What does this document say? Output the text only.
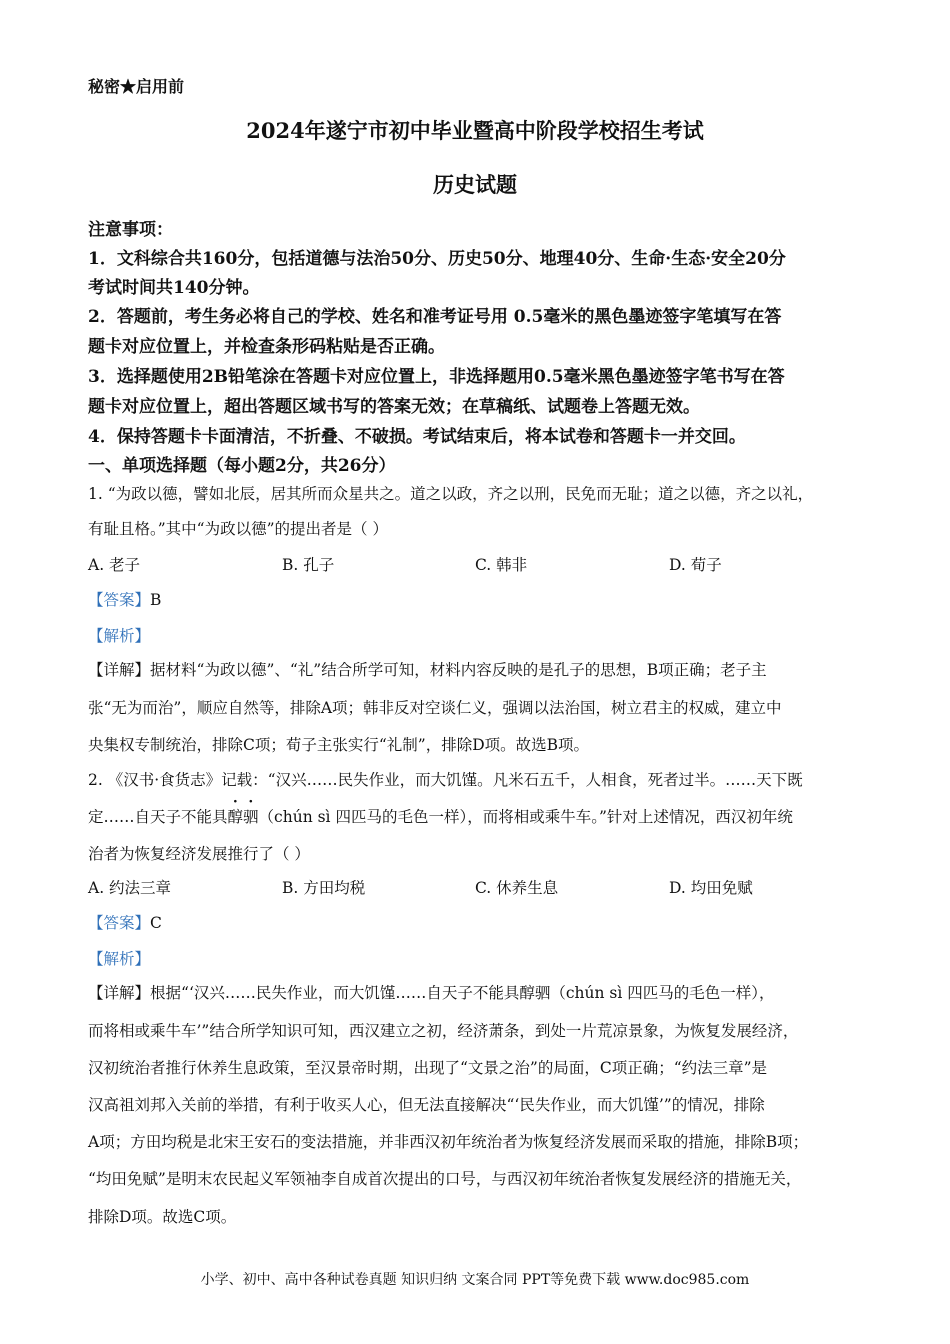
秘密★启用前
2024年遂宁市初中毕业暨高中阶段学校招生考试
历史试题
注意事项：
1．文科综合共160分，包括道德与法治50分、历史50分、地理40分、生命·生态·安全20分
考试时间共140分钟。
2．答题前，考生务必将自己的学校、姓名和准考证号用 0.5毫米的黑色墨迹签字笔填写在答
题卡对应位置上，并检查条形码粘贴是否正确。
3．选择题使用2B铅笔涂在答题卡对应位置上，非选择题用0.5毫米黑色墨迹签字笔书写在答
题卡对应位置上，超出答题区域书写的答案无效；在草稿纸、试题卷上答题无效。
4．保持答题卡卡面清洁，不折叠、不破损。考试结束后，将本试卷和答题卡一并交回。
一、单项选择题（每小题2分，共26分）
1. “为政以德，譬如北辰，居其所而众星共之。道之以政，齐之以刑，民免而无耻；道之以德，齐之以礼，
有耻且格。”其中“为政以德”的提出者是（ ）
A. 老子	B. 孔子	C. 韩非	D. 荀子
【答案】B
【解析】
【详解】据材料“为政以德”、“礼”结合所学可知，材料内容反映的是孔子的思想，B项正确；老子主
张“无为而治”，顺应自然等，排除A项；韩非反对空谈仁义，强调以法治国，树立君主的权威，建立中
央集权专制统治，排除C项；荀子主张实行“礼制”，排除D项。故选B项。
2. 《汉书·食货志》记载：“汉兴……民失作业，而大饥馑。凡米石五千，人相食，死者过半。……天下既
定……自天子不能具醇驷（chún sì 四匹马的毛色一样），而将相或乘牛车。”针对上述情况，西汉初年统
治者为恢复经济发展推行了（ ）
A. 约法三章	B. 方田均税	C. 休养生息	D. 均田免赋
【答案】C
【解析】
【详解】根据“‘汉兴……民失作业，而大饥馑……自天子不能具醇驷（chún sì 四匹马的毛色一样），
而将相或乘牛车’”结合所学知识可知，西汉建立之初，经济萧条，到处一片荒凉景象，为恢复发展经济，
汉初统治者推行休养生息政策，至汉景帝时期，出现了“文景之治”的局面，C项正确；“约法三章”是
汉高祖刘邦入关前的举措，有利于收买人心，但无法直接解决“‘民失作业，而大饥馑’”的情况，排除
A项；方田均税是北宋王安石的变法措施，并非西汉初年统治者为恢复经济发展而采取的措施，排除B项；
“均田免赋”是明末农民起义军领袖李自成首次提出的口号，与西汉初年统治者恢复发展经济的措施无关，
排除D项。故选C项。
小学、初中、高中各种试卷真题 知识归纳 文案合同 PPT等免费下载 www.doc985.com
